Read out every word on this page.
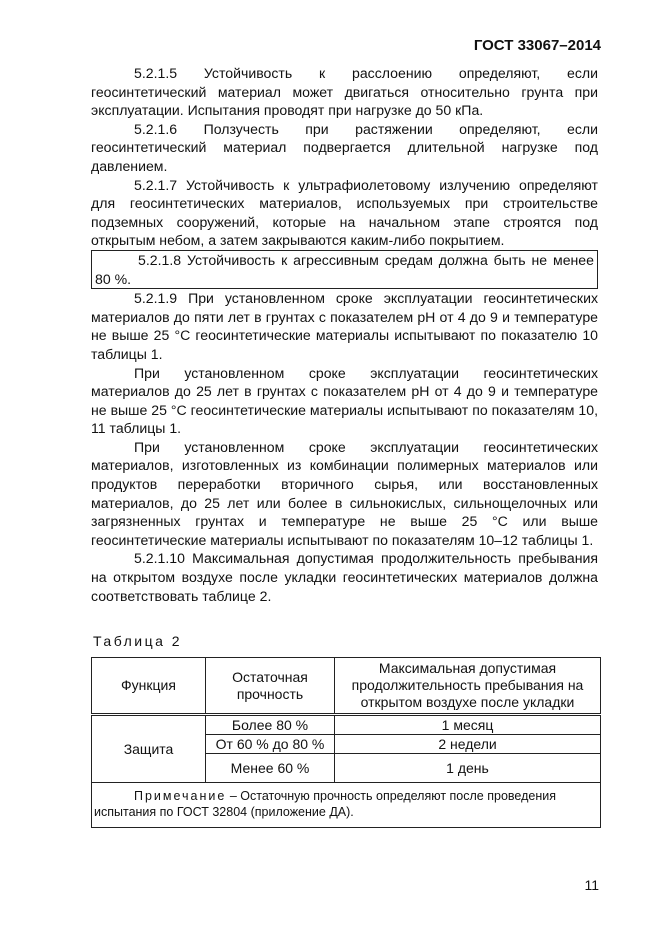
ГОСТ 33067–2014

5.2.1.5 Устойчивость к расслоению определяют, если геосинтетический материал может двигаться относительно грунта при эксплуатации. Испытания проводят при нагрузке до 50 кПа.

5.2.1.6 Ползучесть при растяжении определяют, если геосинтетический материал подвергается длительной нагрузке под давлением.

5.2.1.7 Устойчивость к ультрафиолетовому излучению определяют для геосинтетических материалов, используемых при строительстве подземных сооружений, которые на начальном этапе строятся под открытым небом, а затем закрываются каким-либо покрытием.

5.2.1.8 Устойчивость к агрессивным средам должна быть не менее 80 %.

5.2.1.9 При установленном сроке эксплуатации геосинтетических материалов до пяти лет в грунтах с показателем рН от 4 до 9 и температуре не выше 25 °С геосинтетические материалы испытывают по показателю 10 таблицы 1.

При установленном сроке эксплуатации геосинтетических материалов до 25 лет в грунтах с показателем рН от 4 до 9 и температуре не выше 25 °С геосинтетические материалы испытывают по показателям 10, 11 таблицы 1.

При установленном сроке эксплуатации геосинтетических материалов, изготовленных из комбинации полимерных материалов или продуктов переработки вторичного сырья, или восстановленных материалов, до 25 лет или более в сильнокислых, сильнощелочных или загрязненных грунтах и температуре не выше 25 °С или выше геосинтетические материалы испытывают по показателям 10–12 таблицы 1.

5.2.1.10 Максимальная допустимая продолжительность пребывания на открытом воздухе после укладки геосинтетических материалов должна соответствовать таблице 2.

Таблица 2
Функция	Остаточная прочность	Максимальная допустимая продолжительность пребывания на открытом воздухе после укладки
Защита	Более 80 %	1 месяц
	От 60 % до 80 %	2 недели
	Менее 60 %	1 день
Примечание – Остаточную прочность определяют после проведения испытания по ГОСТ 32804 (приложение ДА).		
11
